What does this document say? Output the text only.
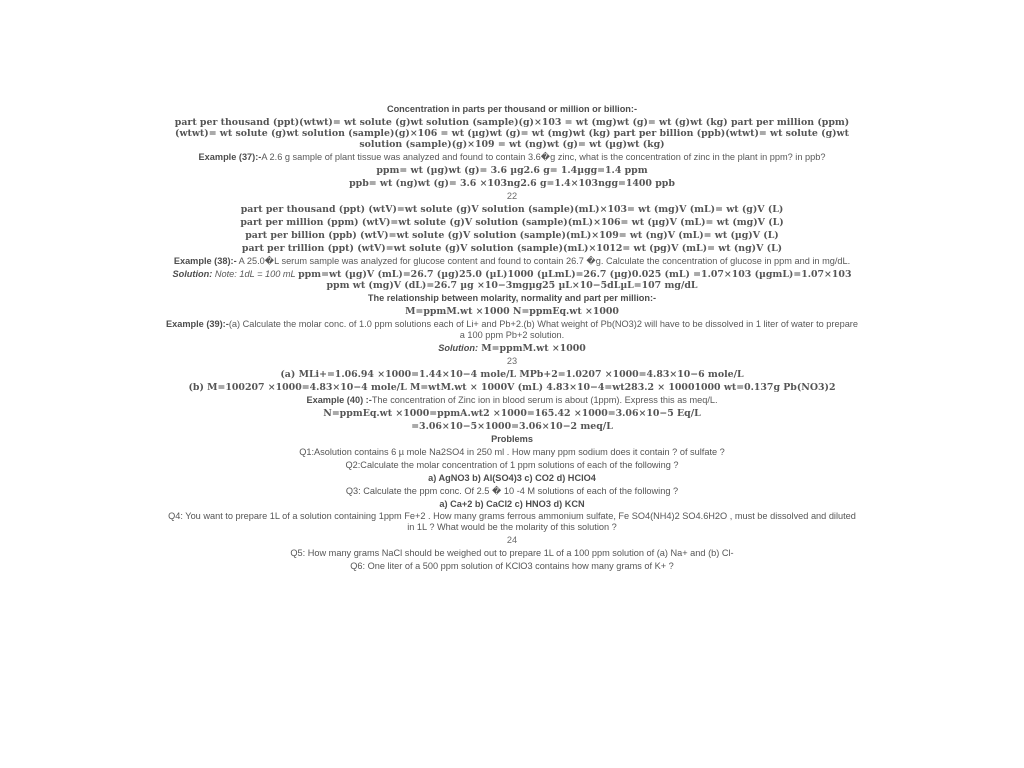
Concentration in parts per thousand or million or billion:-
part per thousand (ppt)(wtwt)= wt solute (g)wt solution (sample)(g)×103 = wt (mg)wt (g)= wt (g)wt (kg) part per million (ppm)(wtwt)= wt solute (g)wt solution (sample)(g)×106 = wt (µg)wt (g)= wt (mg)wt (kg) part per billion (ppb)(wtwt)= wt solute (g)wt solution (sample)(g)×109 = wt (ng)wt (g)= wt (µg)wt (kg)
Example (37):-A 2.6 g sample of plant tissue was analyzed and found to contain 3.6�g zinc, what is the concentration of zinc in the plant in ppm? in ppb?
ppm= wt (µg)wt (g)= 3.6 µg2.6 g= 1.4µgg=1.4 ppm
ppb= wt (ng)wt (g)= 3.6 ×103ng2.6 g=1.4×103ngg=1400 ppb
22
part per thousand (ppt) (wtV)=wt solute (g)V solution (sample)(mL)×103= wt (mg)V (mL)= wt (g)V (L)
part per million (ppm) (wtV)=wt solute (g)V solution (sample)(mL)×106= wt (µg)V (mL)= wt (mg)V (L)
part per billion (ppb) (wtV)=wt solute (g)V solution (sample)(mL)×109= wt (ng)V (mL)= wt (µg)V (L)
part per trillion (ppt) (wtV)=wt solute (g)V solution (sample)(mL)×1012= wt (pg)V (mL)= wt (ng)V (L)
Example (38):- A 25.0�L serum sample was analyzed for glucose content and found to contain 26.7 �g. Calculate the concentration of glucose in ppm and in mg/dL.
Solution: Note: 1dL = 100 mL ppm=wt (µg)V (mL)=26.7 (µg)25.0 (µL)1000 (µLmL)=26.7 (µg)0.025 (mL) =1.07×103 (µgmL)=1.07×103 ppm wt (mg)V (dL)=26.7 µg ×10−3mgµg25 µL×10−5dLµL=107 mg/dL
The relationship between molarity, normality and part per million:-
M=ppmM.wt ×1000 N=ppmEq.wt ×1000
Example (39):-(a) Calculate the molar conc. of 1.0 ppm solutions each of Li+ and Pb+2.(b) What weight of Pb(NO3)2 will have to be dissolved in 1 liter of water to prepare a 100 ppm Pb+2 solution.
Solution: M=ppmM.wt ×1000
23
(a) MLi+=1.06.94 ×1000=1.44×10−4 mole/L MPb+2=1.0207 ×1000=4.83×10−6 mole/L
(b) M=100207 ×1000=4.83×10−4 mole/L M=wtM.wt × 1000V (mL) 4.83×10−4=wt283.2 × 10001000 wt=0.137g Pb(NO3)2
Example (40) :-The concentration of Zinc ion in blood serum is about (1ppm). Express this as meq/L.
N=ppmEq.wt ×1000=ppmA.wt2 ×1000=165.42 ×1000=3.06×10−5 Eq/L
=3.06×10−5×1000=3.06×10−2 meq/L
Problems
Q1:Asolution contains 6 µ mole Na2SO4 in 250 ml . How many ppm sodium does it contain ? of sulfate ?
Q2:Calculate the molar concentration of 1 ppm solutions of each of the following ?
a) AgNO3 b) Al(SO4)3 c) CO2 d) HClO4
Q3: Calculate the ppm conc. Of 2.5 � 10 -4 M solutions of each of the following ?
a) Ca+2 b) CaCl2 c) HNO3 d) KCN
Q4: You want to prepare 1L of a solution containing 1ppm Fe+2 . How many grams ferrous ammonium sulfate, Fe SO4(NH4)2 SO4.6H2O , must be dissolved and diluted in 1L ? What would be the molarity of this solution ?
24
Q5: How many grams NaCl should be weighed out to prepare 1L of a 100 ppm solution of (a) Na+ and (b) Cl-
Q6: One liter of a 500 ppm solution of KClO3 contains how many grams of K+ ?
